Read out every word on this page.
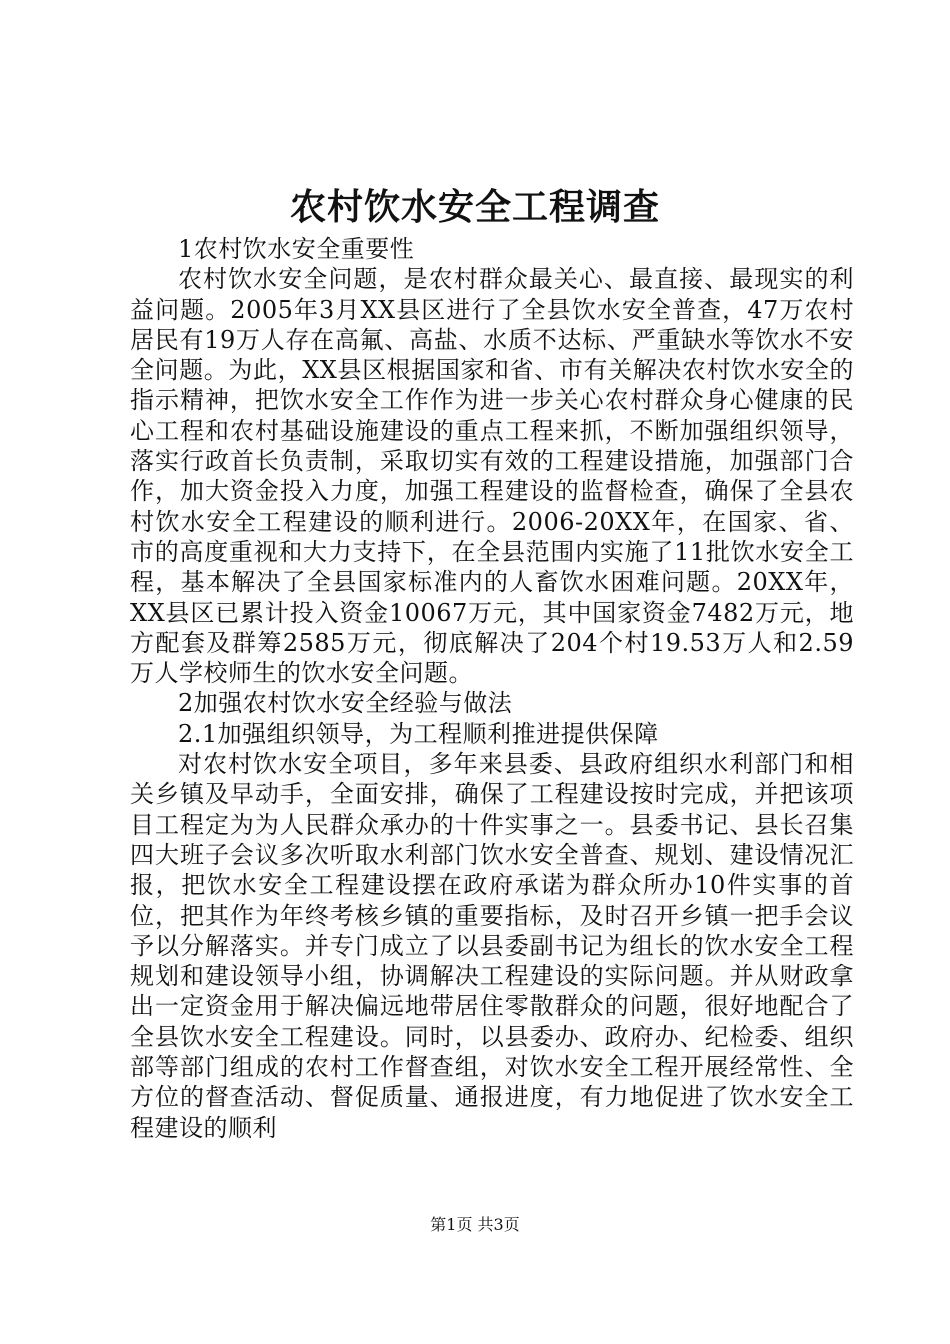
农村饮水安全工程调查

1农村饮水安全重要性

农村饮水安全问题，是农村群众最关心、最直接、最现实的利益问题。2005年3月XX县区进行了全县饮水安全普查，47万农村居民有19万人存在高氟、高盐、水质不达标、严重缺水等饮水不安全问题。为此，XX县区根据国家和省、市有关解决农村饮水安全的指示精神，把饮水安全工作作为进一步关心农村群众身心健康的民心工程和农村基础设施建设的重点工程来抓，不断加强组织领导，落实行政首长负责制，采取切实有效的工程建设措施，加强部门合作，加大资金投入力度，加强工程建设的监督检查，确保了全县农村饮水安全工程建设的顺利进行。2006-20XX年，在国家、省、市的高度重视和大力支持下，在全县范围内实施了11批饮水安全工程，基本解决了全县国家标准内的人畜饮水困难问题。20XX年，XX县区已累计投入资金10067万元，其中国家资金7482万元，地方配套及群筹2585万元，彻底解决了204个村19.53万人和2.59万人学校师生的饮水安全问题。

2加强农村饮水安全经验与做法

2.1加强组织领导，为工程顺利推进提供保障

对农村饮水安全项目，多年来县委、县政府组织水利部门和相关乡镇及早动手，全面安排，确保了工程建设按时完成，并把该项目工程定为为人民群众承办的十件实事之一。县委书记、县长召集四大班子会议多次听取水利部门饮水安全普查、规划、建设情况汇报，把饮水安全工程建设摆在政府承诺为群众所办10件实事的首位，把其作为年终考核乡镇的重要指标，及时召开乡镇一把手会议予以分解落实。并专门成立了以县委副书记为组长的饮水安全工程规划和建设领导小组，协调解决工程建设的实际问题。并从财政拿出一定资金用于解决偏远地带居住零散群众的问题，很好地配合了全县饮水安全工程建设。同时，以县委办、政府办、纪检委、组织部等部门组成的农村工作督查组，对饮水安全工程开展经常性、全方位的督查活动、督促质量、通报进度，有力地促进了饮水安全工程建设的顺利

第1页 共3页
